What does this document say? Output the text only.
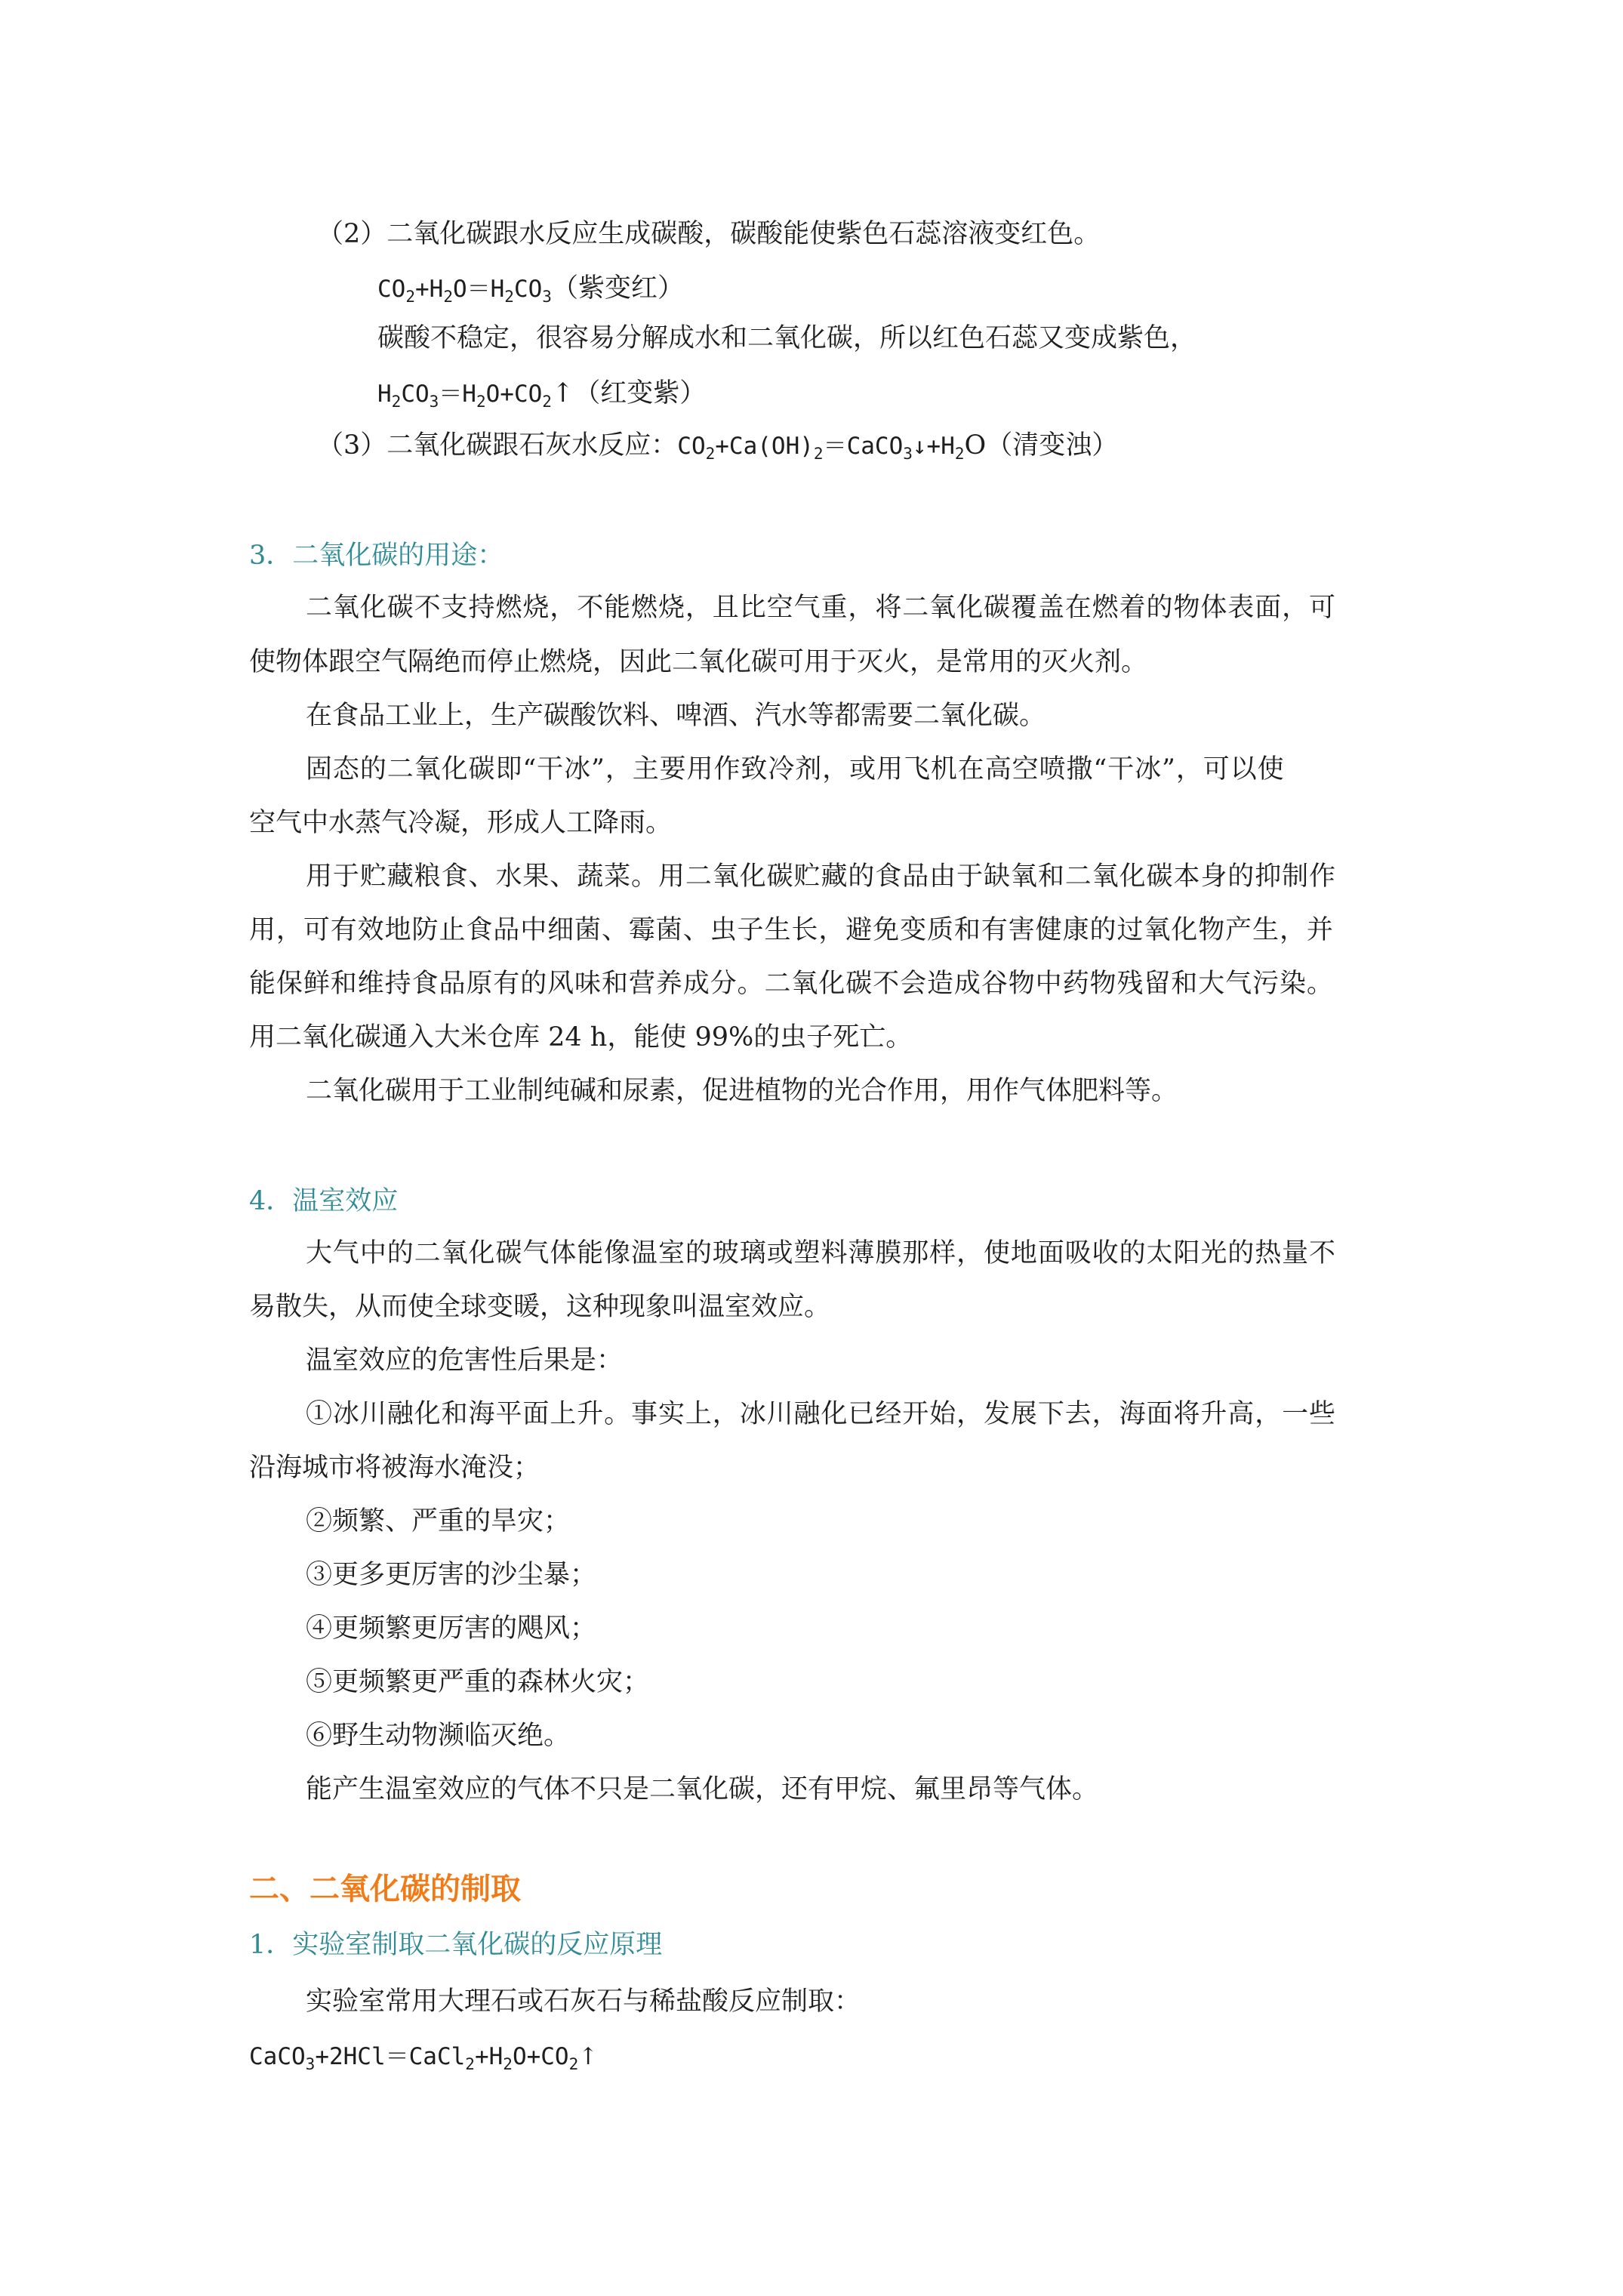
（2）二氧化碳跟水反应生成碳酸，碳酸能使紫色石蕊溶液变红色。
$CO_2+H_2O=H_2CO_3$（紫变红）
碳酸不稳定，很容易分解成水和二氧化碳，所以红色石蕊又变成紫色，
$H_2CO_3=H_2O+CO_2↑$（红变紫）
（3）二氧化碳跟石灰水反应：$CO_2+Ca(OH)_2=CaCO_3↓+H_2O$（清变浊）
3．二氧化碳的用途：
二氧化碳不支持燃烧，不能燃烧，且比空气重，将二氧化碳覆盖在燃着的物体表面，可
使物体跟空气隔绝而停止燃烧，因此二氧化碳可用于灭火，是常用的灭火剂。
在食品工业上，生产碳酸饮料、啤酒、汽水等都需要二氧化碳。
固态的二氧化碳即“干冰”，主要用作致冷剂，或用飞机在高空喷撒“干冰”，可以使
空气中水蒸气冷凝，形成人工降雨。
用于贮藏粮食、水果、蔬菜。用二氧化碳贮藏的食品由于缺氧和二氧化碳本身的抑制作
用，可有效地防止食品中细菌、霉菌、虫子生长，避免变质和有害健康的过氧化物产生，并
能保鲜和维持食品原有的风味和营养成分。二氧化碳不会造成谷物中药物残留和大气污染。
用二氧化碳通入大米仓库 24 h，能使 99%的虫子死亡。
二氧化碳用于工业制纯碱和尿素，促进植物的光合作用，用作气体肥料等。
4．温室效应
大气中的二氧化碳气体能像温室的玻璃或塑料薄膜那样，使地面吸收的太阳光的热量不
易散失，从而使全球变暖，这种现象叫温室效应。
温室效应的危害性后果是：
①冰川融化和海平面上升。事实上，冰川融化已经开始，发展下去，海面将升高，一些
沿海城市将被海水淹没；
②频繁、严重的旱灾；
③更多更厉害的沙尘暴；
④更频繁更厉害的飓风；
⑤更频繁更严重的森林火灾；
⑥野生动物濒临灭绝。
能产生温室效应的气体不只是二氧化碳，还有甲烷、氟里昂等气体。
二、二氧化碳的制取
1．实验室制取二氧化碳的反应原理
实验室常用大理石或石灰石与稀盐酸反应制取：
$CaCO_3+2HCl=CaCl_2+H_2O+CO_2↑$
